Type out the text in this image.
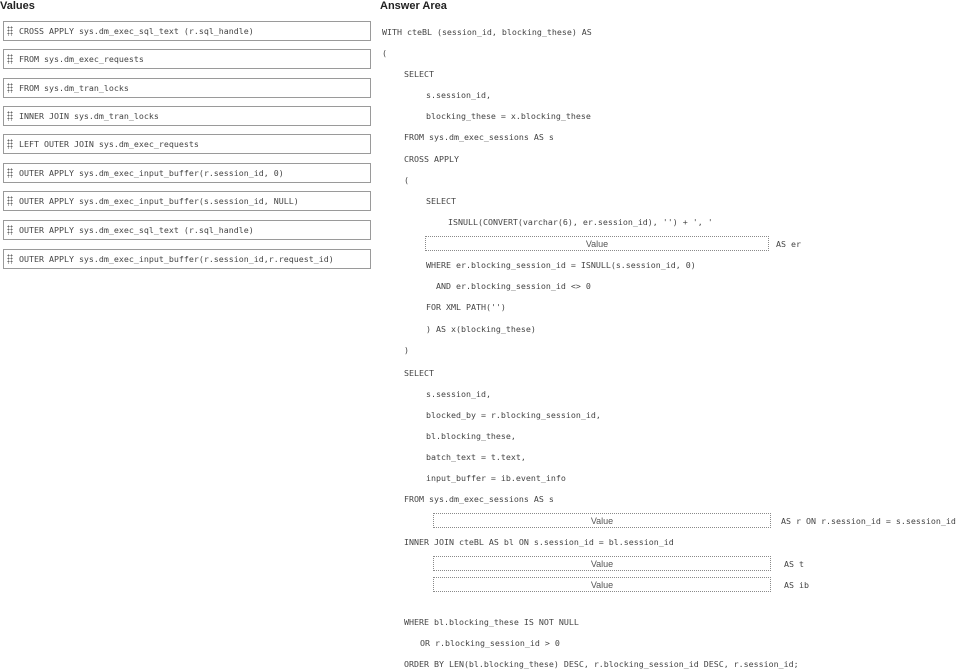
Values
CROSS APPLY sys.dm_exec_sql_text (r.sql_handle)
FROM sys.dm_exec_requests
FROM sys.dm_tran_locks
INNER JOIN sys.dm_tran_locks
LEFT OUTER JOIN sys.dm_exec_requests
OUTER APPLY sys.dm_exec_input_buffer(r.session_id, 0)
OUTER APPLY sys.dm_exec_input_buffer(s.session_id, NULL)
OUTER APPLY sys.dm_exec_sql_text (r.sql_handle)
OUTER APPLY sys.dm_exec_input_buffer(r.session_id,r.request_id)
Answer Area
WITH cteBL (session_id, blocking_these) AS
(
SELECT
s.session_id,
blocking_these = x.blocking_these
FROM sys.dm_exec_sessions AS s
CROSS APPLY
(
SELECT
ISNULL(CONVERT(varchar(6), er.session_id), '') + ', '
Value	AS er
WHERE er.blocking_session_id = ISNULL(s.session_id, 0)
AND er.blocking_session_id <> 0
FOR XML PATH('')
) AS x(blocking_these)
)
SELECT
s.session_id,
blocked_by = r.blocking_session_id,
bl.blocking_these,
batch_text = t.text,
input_buffer = ib.event_info
FROM sys.dm_exec_sessions AS s
Value	AS r ON r.session_id = s.session_id
INNER JOIN cteBL AS bl ON s.session_id = bl.session_id
Value	AS t
Value	AS ib
WHERE bl.blocking_these IS NOT NULL
OR r.blocking_session_id > 0
ORDER BY LEN(bl.blocking_these) DESC, r.blocking_session_id DESC, r.session_id;
